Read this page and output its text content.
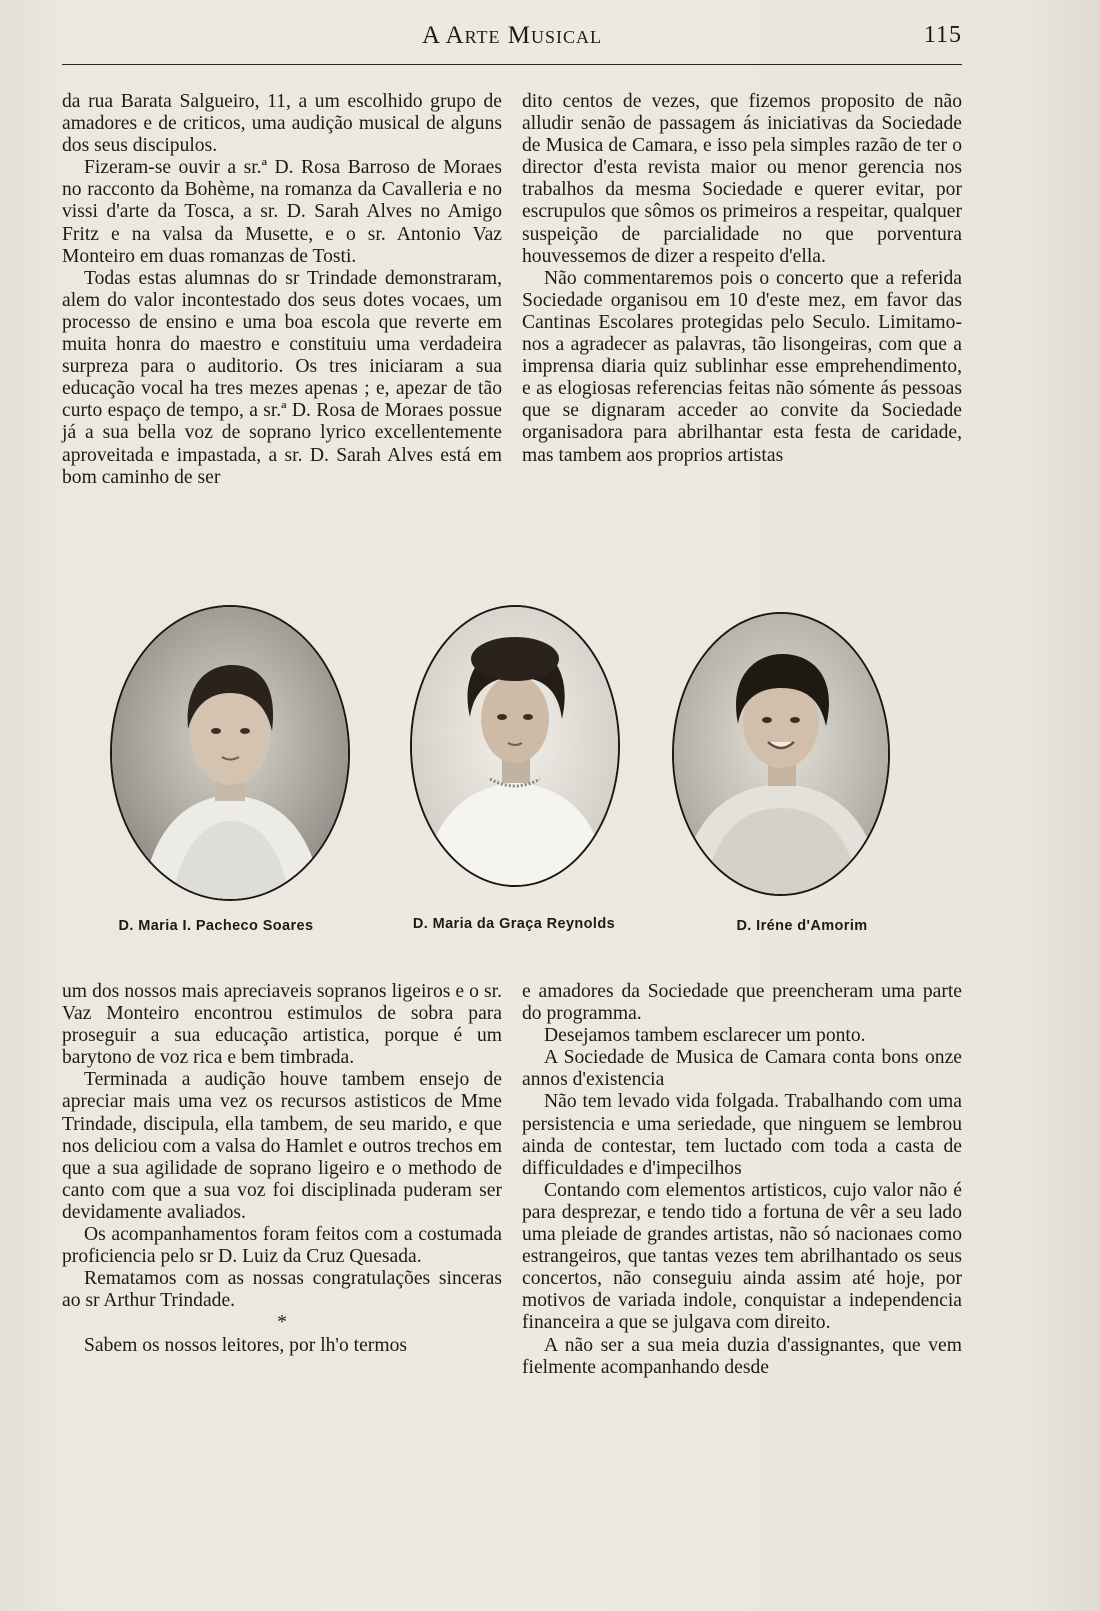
A Arte Musical	115

da rua Barata Salgueiro, 11, a um escolhido grupo de amadores e de criticos, uma audição musical de alguns dos seus discipulos.

Fizeram-se ouvir a sr.ª D. Rosa Barroso de Moraes no racconto da Bohème, na romanza da Cavalleria e no vissi d'arte da Tosca, a sr. D. Sarah Alves no Amigo Fritz e na valsa da Musette, e o sr. Antonio Vaz Monteiro em duas romanzas de Tosti.

Todas estas alumnas do sr Trindade demonstraram, alem do valor incontestado dos seus dotes vocaes, um processo de ensino e uma boa escola que reverte em muita honra do maestro e constituiu uma verdadeira surpreza para o auditorio. Os tres iniciaram a sua educação vocal ha tres mezes apenas ; e, apezar de tão curto espaço de tempo, a sr.ª D. Rosa de Moraes possue já a sua bella voz de soprano lyrico excellentemente aproveitada e impastada, a sr. D. Sarah Alves está em bom caminho de ser

dito centos de vezes, que fizemos proposito de não alludir senão de passagem ás iniciativas da Sociedade de Musica de Camara, e isso pela simples razão de ter o director d'esta revista maior ou menor gerencia nos trabalhos da mesma Sociedade e querer evitar, por escrupulos que sômos os primeiros a respeitar, qualquer suspeição de parcialidade no que porventura houvessemos de dizer a respeito d'ella.

Não commentaremos pois o concerto que a referida Sociedade organisou em 10 d'este mez, em favor das Cantinas Escolares protegidas pelo Seculo. Limitamo-nos a agradecer as palavras, tão lisongeiras, com que a imprensa diaria quiz sublinhar esse emprehendimento, e as elogiosas referencias feitas não sómente ás pessoas que se dignaram acceder ao convite da Sociedade organisadora para abrilhantar esta festa de caridade, mas tambem aos proprios artistas

D. Maria I. Pacheco Soares	D. Maria da Graça Reynolds	D. Iréne d'Amorim

um dos nossos mais apreciaveis sopranos ligeiros e o sr. Vaz Monteiro encontrou estimulos de sobra para proseguir a sua educação artistica, porque é um barytono de voz rica e bem timbrada.

Terminada a audição houve tambem ensejo de apreciar mais uma vez os recursos astisticos de Mme Trindade, discipula, ella tambem, de seu marido, e que nos deliciou com a valsa do Hamlet e outros trechos em que a sua agilidade de soprano ligeiro e o methodo de canto com que a sua voz foi disciplinada puderam ser devidamente avaliados.

Os acompanhamentos foram feitos com a costumada proficiencia pelo sr D. Luiz da Cruz Quesada.

Rematamos com as nossas congratulações sinceras ao sr Arthur Trindade.

*

Sabem os nossos leitores, por lh'o termos

e amadores da Sociedade que preencheram uma parte do programma.

Desejamos tambem esclarecer um ponto.

A Sociedade de Musica de Camara conta bons onze annos d'existencia

Não tem levado vida folgada. Trabalhando com uma persistencia e uma seriedade, que ninguem se lembrou ainda de contestar, tem luctado com toda a casta de difficuldades e d'impecilhos

Contando com elementos artisticos, cujo valor não é para desprezar, e tendo tido a fortuna de vêr a seu lado uma pleiade de grandes artistas, não só nacionaes como estrangeiros, que tantas vezes tem abrilhantado os seus concertos, não conseguiu ainda assim até hoje, por motivos de variada indole, conquistar a independencia financeira a que se julgava com direito.

A não ser a sua meia duzia d'assignantes, que vem fielmente acompanhando desde
